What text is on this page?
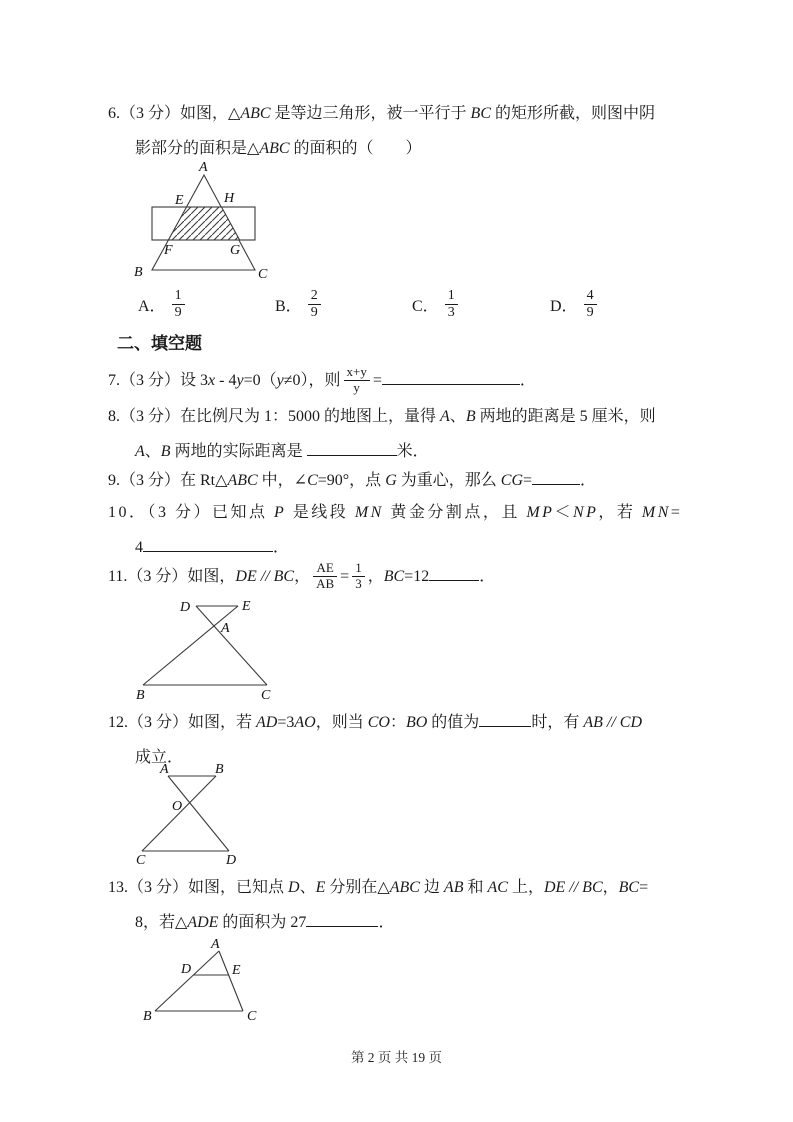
6.（3 分）如图，△ABC 是等边三角形，被一平行于 BC 的矩形所截，则图中阴
影部分的面积是△ABC 的面积的（　　）
A
E	H
F	G
B	C
A． $\frac{1}{9}$	B． $\frac{2}{9}$	C． $\frac{1}{3}$	D． $\frac{4}{9}$
二、填空题
7.（3 分）设 3x - 4y=0（y≠0），则 $\frac{x+y}{y}$ =	．
8.（3 分）在比例尺为 1：5000 的地图上，量得 A、B 两地的距离是 5 厘米，则
A、B 两地的实际距离是	米．
9.（3 分）在 Rt△ABC 中，∠C=90°，点 G 为重心，那么 CG=	．
10．（3 分）已知点 P 是线段 MN 黄金分割点，且 MP＜NP，若 MN=
4	．
11.（3 分）如图，DE // BC， $\frac{AE}{AB} = \frac{1}{3}$ ，BC=12	．
D	E
A
B	C
12.（3 分）如图，若 AD=3AO，则当 CO：BO 的值为	时，有 AB // CD
成立．
A	B
O
C	D
13.（3 分）如图，已知点 D、E 分别在△ABC 边 AB 和 AC 上，DE // BC，BC=
8，若△ADE 的面积为 27	．
A
D	E
B	C
第 2 页 共 19 页
